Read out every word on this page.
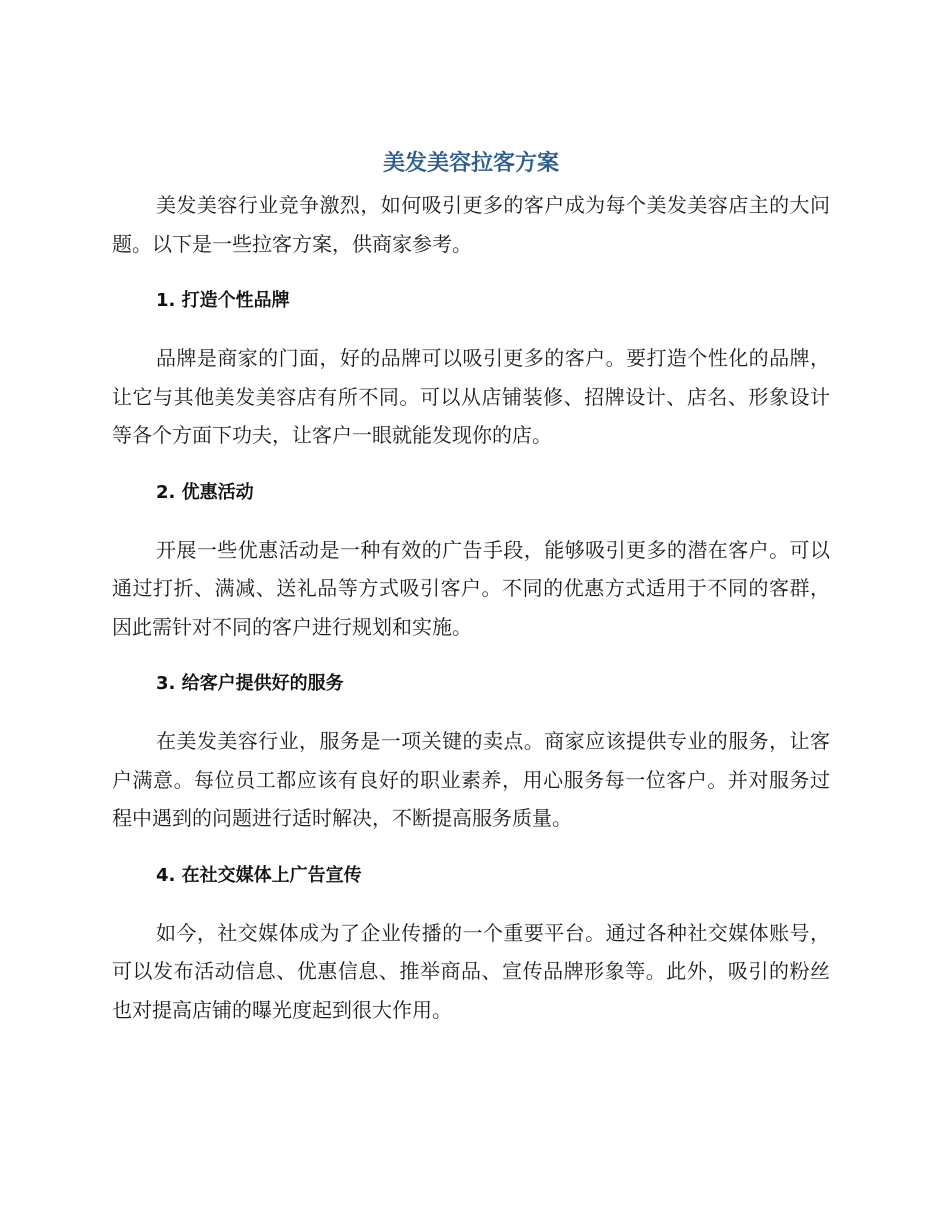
美发美容拉客方案

美发美容行业竞争激烈，如何吸引更多的客户成为每个美发美容店主的大问题。以下是一些拉客方案，供商家参考。

1. 打造个性品牌

品牌是商家的门面，好的品牌可以吸引更多的客户。要打造个性化的品牌，让它与其他美发美容店有所不同。可以从店铺装修、招牌设计、店名、形象设计等各个方面下功夫，让客户一眼就能发现你的店。

2. 优惠活动

开展一些优惠活动是一种有效的广告手段，能够吸引更多的潜在客户。可以通过打折、满减、送礼品等方式吸引客户。不同的优惠方式适用于不同的客群，因此需针对不同的客户进行规划和实施。

3. 给客户提供好的服务

在美发美容行业，服务是一项关键的卖点。商家应该提供专业的服务，让客户满意。每位员工都应该有良好的职业素养，用心服务每一位客户。并对服务过程中遇到的问题进行适时解决，不断提高服务质量。

4. 在社交媒体上广告宣传

如今，社交媒体成为了企业传播的一个重要平台。通过各种社交媒体账号，可以发布活动信息、优惠信息、推举商品、宣传品牌形象等。此外，吸引的粉丝也对提高店铺的曝光度起到很大作用。
